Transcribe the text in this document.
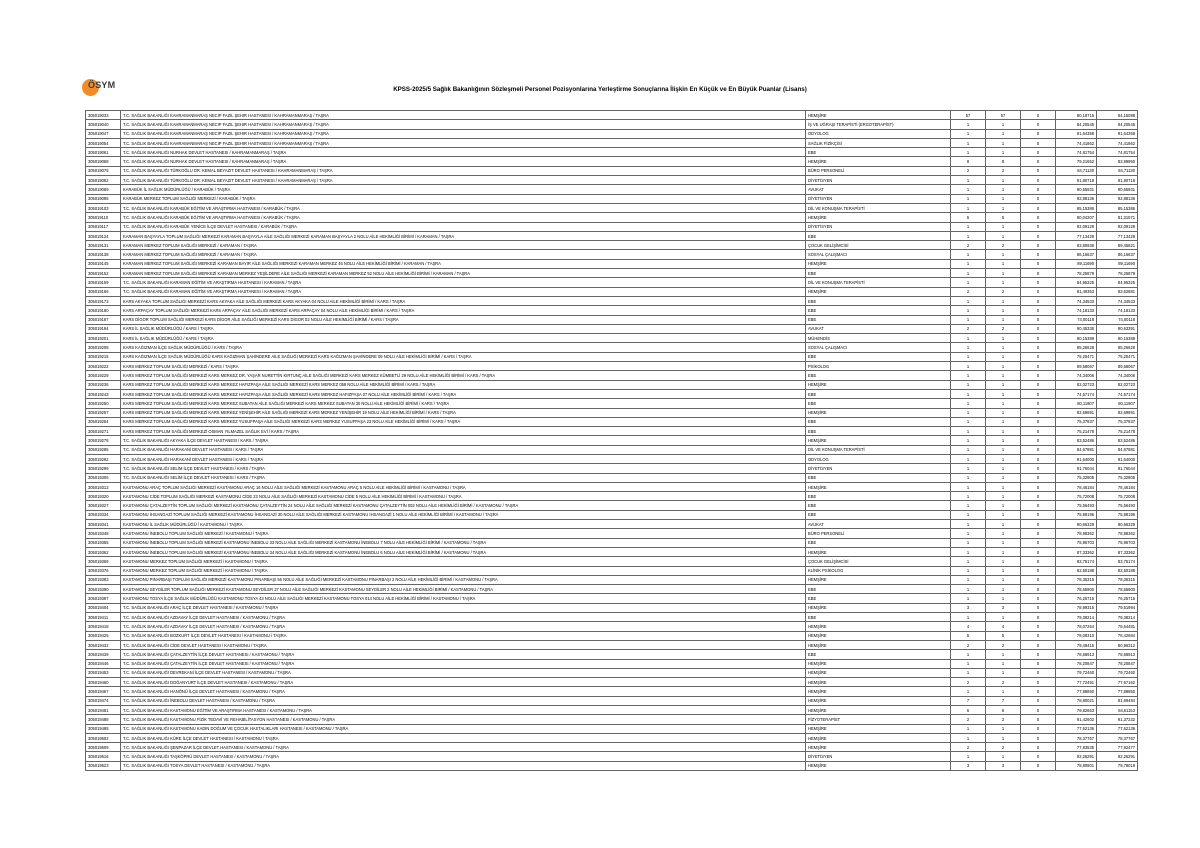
ÖSYM	KPSS-2025/5 Sağlık Bakanlığının Sözleşmeli Personel Pozisyonlarına Yerleştirme Sonuçlarına İlişkin En Küçük ve En Büyük Puanlar (Lisans)
305019033	T.C. SAĞLIK BAKANLIĞI KAHRAMANMARAŞ NECIP FAZIL ŞEHIR HASTANESI / KAHRAMANMARAŞ / TAŞRA	HEMŞİRE	57	57	0	80,18715	84,15088
305019040	T.C. SAĞLIK BAKANLIĞI KAHRAMANMARAŞ NECIP FAZIL ŞEHIR HASTANESI / KAHRAMANMARAŞ / TAŞRA	İŞ VE UĞRAŞI TERAPİSTİ (ERGOTERAPİST)	1	1	0	84,20545	84,20545
305019047	T.C. SAĞLIK BAKANLIĞI KAHRAMANMARAŞ NECIP FAZIL ŞEHIR HASTANESI / KAHRAMANMARAŞ / TAŞRA	ODYOLOG	1	1	0	91,64358	91,64358
305019054	T.C. SAĞLIK BAKANLIĞI KAHRAMANMARAŞ NECIP FAZIL ŞEHIR HASTANESI / KAHRAMANMARAŞ / TAŞRA	SAĞLIK FİZİKÇİSİ	1	1	0	74,41862	74,41862
305019061	T.C. SAĞLIK BAKANLIĞI NURHAK DEVLET HASTANESI / KAHRAMANMARAŞ / TAŞRA	EBE	1	1	0	74,81754	74,81754
305019068	T.C. SAĞLIK BAKANLIĞI NURHAK DEVLET HASTANESI / KAHRAMANMARAŞ / TAŞRA	HEMŞİRE	8	8	0	79,21652	83,99950
305019075	T.C. SAĞLIK BAKANLIĞI TÜRKOĞLU DR. KEMAL BEYAZIT DEVLET HASTANESI / KAHRAMANMARAŞ / TAŞRA	BÜRO PERSONELİ	2	2	0	84,71130	84,71130
305019082	T.C. SAĞLIK BAKANLIĞI TÜRKOĞLU DR. KEMAL BEYAZIT DEVLET HASTANESI / KAHRAMANMARAŞ / TAŞRA	DİYETİSYEN	1	1	0	91,80718	91,80718
305019089	KARABÜK İL SAĞLIK MÜDÜRLÜĞÜ / KARABÜK / TAŞRA	AVUKAT	1	1	0	90,65931	90,65931
305019096	KARABÜK MERKEZ TOPLUM SAĞLIĞI MERKEZİ / KARABÜK / TAŞRA	DİYETİSYEN	1	1	0	92,88136	92,88136
305019103	T.C. SAĞLIK BAKANLIĞI KARABÜK EĞİTİM VE ARAŞTIRMA HASTANESI / KARABÜK / TAŞRA	DİL VE KONUŞMA TERAPİSTİ	1	1	0	85,15386	85,15386
305019110	T.C. SAĞLIK BAKANLIĞI KARABÜK EĞİTİM VE ARAŞTIRMA HASTANESI / KARABÜK / TAŞRA	HEMŞİRE	5	5	0	80,04207	81,31571
305019117	T.C. SAĞLIK BAKANLIĞI KARABÜK YENİCE İLÇE DEVLET HASTANESI / KARABÜK / TAŞRA	DİYETİSYEN	1	1	0	92,09128	92,09128
305019124	KARAMAN BAŞYAYLA TOPLUM SAĞLIĞI MERKEZİ KARAMAN BAŞYAYLA AİLE SAĞLIĞI MERKEZİ KARAMAN BAŞYAYLA 2 NOLU AİLE HEKİMLİĞİ BİRİMİ / KARAMAN / TAŞRA	EBE	1	1	0	77,13429	77,13429
305019131	KARAMAN MERKEZ TOPLUM SAĞLIĞI MERKEZİ / KARAMAN / TAŞRA	ÇOCUK GELİŞİMCİSİ	2	2	0	83,80936	89,45821
305019138	KARAMAN MERKEZ TOPLUM SAĞLIĞI MERKEZİ / KARAMAN / TAŞRA	SOSYAL ÇALIŞMACI	1	1	0	86,16637	86,16637
305019145	KARAMAN MERKEZ TOPLUM SAĞLIĞI MERKEZİ KARAMAN BAYIR AİLE SAĞLIĞI MERKEZİ KARAMAN MERKEZ 46 NOLU AİLE HEKİMLİĞİ BİRİMİ / KARAMAN / TAŞRA	HEMŞİRE	1	1	0	89,11690	89,11690
305019152	KARAMAN MERKEZ TOPLUM SAĞLIĞI MERKEZİ KARAMAN MERKEZ YEŞİLDERE AİLE SAĞLIĞI MERKEZİ KARAMAN MERKEZ 52 NOLU AİLE HEKİMLİĞİ BİRİMİ / KARAMAN / TAŞRA	EBE	1	1	0	78,25879	78,25879
305019159	T.C. SAĞLIK BAKANLIĞI KARAMAN EĞİTİM VE ARAŞTIRMA HASTANESI / KARAMAN / TAŞRA	DİL VE KONUŞMA TERAPİSTİ	1	1	0	84,95325	84,95325
305019166	T.C. SAĞLIK BAKANLIĞI KARAMAN EĞİTİM VE ARAŞTIRMA HASTANESI / KARAMAN / TAŞRA	HEMŞİRE	2	2	0	81,49353	83,62881
305019173	KARS AKYAKA TOPLUM SAĞLIĞI MERKEZİ KARS AKYAKA AİLE SAĞLIĞI MERKEZİ KARS AKYAKA 04 NOLU AİLE HEKİMLİĞİ BİRİMİ / KARS / TAŞRA	EBE	1	1	0	74,34533	74,34533
305019180	KARS ARPAÇAY TOPLUM SAĞLIĞI MERKEZİ KARS ARPAÇAY AİLE SAĞLIĞI MERKEZİ KARS ARPAÇAY 04 NOLU AİLE HEKİMLİĞİ BİRİMİ / KARS / TAŞRA	EBE	1	1	0	74,18133	74,18133
305019187	KARS DİGOR TOPLUM SAĞLIĞI MERKEZİ KARS DİGOR AİLE SAĞLIĞI MERKEZİ KARS DİGOR 02 NOLU AİLE HEKİMLİĞİ BİRİMİ / KARS / TAŞRA	EBE	1	1	0	74,00118	74,00118
305019194	KARS İL SAĞLIK MÜDÜRLÜĞÜ / KARS / TAŞRA	AVUKAT	2	2	0	90,45336	90,63391
305019201	KARS İL SAĞLIK MÜDÜRLÜĞÜ / KARS / TAŞRA	MÜHENDİS	1	1	0	90,15389	90,15389
305019208	KARS KAĞIZMAN İLÇE SAĞLIK MÜDÜRLÜĞÜ / KARS / TAŞRA	SOSYAL ÇALIŞMACI	1	1	0	85,26628	85,26628
305019215	KARS KAĞIZMAN İLÇE SAĞLIK MÜDÜRLÜĞÜ KARS KAĞIZMAN ŞAHİNDERE AİLE SAĞLIĞI MERKEZİ KARS KAĞIZMAN ŞAHİNDERE 09 NOLU AİLE HEKİMLİĞİ BİRİMİ / KARS / TAŞRA	EBE	1	1	0	75,20471	75,20471
305019222	KARS MERKEZ TOPLUM SAĞLIĞI MERKEZİ / KARS / TAŞRA	PSİKOLOG	1	1	0	89,58067	89,58067
305019229	KARS MERKEZ TOPLUM SAĞLIĞI MERKEZİ KARS MERKEZ DR. YAŞAR NURETTİN KIRTUNÇ AİLE SAĞLIĞI MERKEZİ KARS MERKEZ KÜMBETLİ 29 NOLU AİLE HEKİMLİĞİ BİRİMİ / KARS / TAŞRA	EBE	1	1	0	74,34006	74,34006
305019236	KARS MERKEZ TOPLUM SAĞLIĞI MERKEZİ KARS MERKEZ HAFIZPAŞA AİLE SAĞLIĞI MERKEZİ KARS MERKEZ 058 NOLU AİLE HEKİMLİĞİ BİRİMİ / KARS / TAŞRA	HEMŞİRE	1	1	0	82,02723	82,02723
305019243	KARS MERKEZ TOPLUM SAĞLIĞI MERKEZİ KARS MERKEZ HAFIZPAŞA AİLE SAĞLIĞI MERKEZİ KARS MERKEZ HAFIZPAŞA 07 NOLU AİLE HEKİMLİĞİ BİRİMİ / KARS / TAŞRA	EBE	1	1	0	74,57174	74,57174
305019250	KARS MERKEZ TOPLUM SAĞLIĞI MERKEZİ KARS MERKEZ SUBATAN AİLE SAĞLIĞI MERKEZİ KARS MERKEZ SUBATAN 30 NOLU AİLE HEKİMLİĞİ BİRİMİ / KARS / TAŞRA	EBE	1	1	0	80,11907	80,11907
305019257	KARS MERKEZ TOPLUM SAĞLIĞI MERKEZİ KARS MERKEZ YENİŞEHİR AİLE SAĞLIĞI MERKEZİ KARS MERKEZ YENİŞEHİR 19 NOLU AİLE HEKİMLİĞİ BİRİMİ / KARS / TAŞRA	HEMŞİRE	1	1	0	82,69891	82,69891
305019264	KARS MERKEZ TOPLUM SAĞLIĞI MERKEZİ KARS MERKEZ YUSUFPAŞA AİLE SAĞLIĞI MERKEZİ KARS MERKEZ YUSUFPAŞA 23 NOLU AİLE HEKİMLİĞİ BİRİMİ / KARS / TAŞRA	EBE	1	1	0	75,37837	75,37837
305019271	KARS MERKEZ TOPLUM SAĞLIĞI MERKEZİ OSMAN YILMAZEL SAĞLIK EVİ / KARS / TAŞRA	EBE	1	1	0	75,21478	75,21478
305019278	T.C. SAĞLIK BAKANLIĞI AKYAKA İLÇE DEVLET HASTANESI / KARS / TAŞRA	HEMŞİRE	1	1	0	83,52486	83,52486
305019285	T.C. SAĞLIK BAKANLIĞI HARAKANİ DEVLET HASTANESI / KARS / TAŞRA	DİL VE KONUŞMA TERAPİSTİ	1	1	0	84,67881	84,67881
305019292	T.C. SAĞLIK BAKANLIĞI HARAKANİ DEVLET HASTANESI / KARS / TAŞRA	ODYOLOG	1	1	0	91,64000	91,64000
305019299	T.C. SAĞLIK BAKANLIĞI SELİM İLÇE DEVLET HASTANESI / KARS / TAŞRA	DİYETİSYEN	1	1	0	91,76044	91,76044
305019306	T.C. SAĞLIK BAKANLIĞI SELİM İLÇE DEVLET HASTANESI / KARS / TAŞRA	EBE	1	1	0	75,32805	75,32805
305019313	KASTAMONU ARAÇ TOPLUM SAĞLIĞI MERKEZİ KASTAMONU ARAÇ 16 NOLU AİLE SAĞLIĞI MERKEZİ KASTAMONU ARAÇ 5 NOLU AİLE HEKİMLİĞİ BİRİMİ / KASTAMONU / TAŞRA	HEMŞİRE	1	1	0	78,46184	78,46184
305019320	KASTAMONU CİDE TOPLUM SAĞLIĞI MERKEZİ KASTAMONU CİDE 23 NOLU AİLE SAĞLIĞI MERKEZİ KASTAMONU CİDE 5 NOLU AİLE HEKİMLİĞİ BİRİMİ / KASTAMONU / TAŞRA	EBE	1	1	0	75,72008	75,72008
305019327	KASTAMONU ÇATALZEYTİN TOPLUM SAĞLIĞI MERKEZİ KASTAMONU ÇATALZEYTİN 24 NOLU AİLE SAĞLIĞI MERKEZİ KASTAMONU ÇATALZEYTİN 002 NOLU AİLE HEKİMLİĞİ BİRİMİ / KASTAMONU / TAŞRA	EBE	1	1	0	75,56493	75,56493
305019334	KASTAMONU İHSANGAZİ TOPLUM SAĞLIĞI MERKEZİ KASTAMONU İHSANGAZİ 30 NOLU AİLE SAĞLIĞI MERKEZİ KASTAMONU İHSANGAZİ 1 NOLU AİLE HEKİMLİĞİ BİRİMİ / KASTAMONU / TAŞRA	EBE	1	1	0	75,98196	75,98196
305019341	KASTAMONU İL SAĞLIK MÜDÜRLÜĞÜ / KASTAMONU / TAŞRA	AVUKAT	1	1	0	90,66329	90,66329
305019348	KASTAMONU İNEBOLU TOPLUM SAĞLIĞI MERKEZİ / KASTAMONU / TAŞRA	BÜRO PERSONELİ	1	1	0	78,98362	78,98362
305019355	KASTAMONU İNEBOLU TOPLUM SAĞLIĞI MERKEZİ KASTAMONU İNEBOLU 33 NOLU AİLE SAĞLIĞI MERKEZİ KASTAMONU İNEBOLU 7 NOLU AİLE HEKİMLİĞİ BİRİMİ / KASTAMONU / TAŞRA	EBE	1	1	0	75,96703	75,96703
305019362	KASTAMONU İNEBOLU TOPLUM SAĞLIĞI MERKEZİ KASTAMONU İNEBOLU 34 NOLU AİLE SAĞLIĞI MERKEZİ KASTAMONU İNEBOLU 6 NOLU AİLE HEKİMLİĞİ BİRİMİ / KASTAMONU / TAŞRA	HEMŞİRE	1	1	0	87,33362	87,33362
305019369	KASTAMONU MERKEZ TOPLUM SAĞLIĞI MERKEZİ / KASTAMONU / TAŞRA	ÇOCUK GELİŞİMCİSİ	1	1	0	83,75174	83,75174
305019376	KASTAMONU MERKEZ TOPLUM SAĞLIĞI MERKEZİ / KASTAMONU / TAŞRA	KLİNİK PSİKOLOG	1	1	0	82,50188	82,50188
305019383	KASTAMONU PINARBAŞI TOPLUM SAĞLIĞI MERKEZİ KASTAMONU PINARBAŞI 56 NOLU AİLE SAĞLIĞI MERKEZİ KASTAMONU PINARBAŞI 2 NOLU AİLE HEKİMLİĞİ BİRİMİ / KASTAMONU / TAŞRA	HEMŞİRE	1	1	0	78,36315	78,36315
305019390	KASTAMONU SEYDİLER TOPLUM SAĞLIĞI MERKEZİ KASTAMONU SEYDİLER 37 NOLU AİLE SAĞLIĞI MERKEZİ KASTAMONU SEYDİLER 2 NOLU AİLE HEKİMLİĞİ BİRİMİ / KASTAMONU / TAŞRA	EBE	1	1	0	78,65900	78,65900
305019397	KASTAMONU TOSYA İLÇE SAĞLIK MÜDÜRLÜĞÜ KASTAMONU TOSYA 43 NOLU AİLE SAĞLIĞI MERKEZİ KASTAMONU TOSYA 014 NOLU AİLE HEKİMLİĞİ BİRİMİ / KASTAMONU / TAŞRA	EBE	1	1	0	76,25715	76,25715
305019404	T.C. SAĞLIK BAKANLIĞI ARAÇ İLÇE DEVLET HASTANESI / KASTAMONU / TAŞRA	HEMŞİRE	3	3	0	78,99315	79,51994
305019411	T.C. SAĞLIK BAKANLIĞI AZDAVAY İLÇE DEVLET HASTANESI / KASTAMONU / TAŞRA	EBE	1	1	0	79,38214	79,38214
305019418	T.C. SAĞLIK BAKANLIĞI AZDAVAY İLÇE DEVLET HASTANESI / KASTAMONU / TAŞRA	HEMŞİRE	4	4	0	78,07264	78,64481
305019425	T.C. SAĞLIK BAKANLIĞI BOZKURT İLÇE DEVLET HASTANESI / KASTAMONU / TAŞRA	HEMŞİRE	5	5	0	78,08310	78,42684
305019432	T.C. SAĞLIK BAKANLIĞI CİDE DEVLET HASTANESI / KASTAMONU / TAŞRA	HEMŞİRE	2	2	0	79,49415	80,96312
305019439	T.C. SAĞLIK BAKANLIĞI ÇATALZEYTİN İLÇE DEVLET HASTANESI / KASTAMONU / TAŞRA	EBE	1	1	0	78,68913	78,68913
305019446	T.C. SAĞLIK BAKANLIĞI ÇATALZEYTİN İLÇE DEVLET HASTANESI / KASTAMONU / TAŞRA	HEMŞİRE	1	1	0	78,20847	78,20847
305019453	T.C. SAĞLIK BAKANLIĞI DEVREKANİ İLÇE DEVLET HASTANESI / KASTAMONU / TAŞRA	HEMŞİRE	1	1	0	79,72460	79,72460
305019460	T.C. SAĞLIK BAKANLIĞI DOĞANYURT İLÇE DEVLET HASTANESI / KASTAMONU / TAŞRA	HEMŞİRE	2	2	0	77,72491	77,67162
305019467	T.C. SAĞLIK BAKANLIĞI HANÖNÜ İLÇE DEVLET HASTANESI / KASTAMONU / TAŞRA	HEMŞİRE	1	1	0	77,88850	77,88850
305019474	T.C. SAĞLIK BAKANLIĞI İNEBOLU DEVLET HASTANESI / KASTAMONU / TAŞRA	HEMŞİRE	7	7	0	78,80021	81,69484
305019481	T.C. SAĞLIK BAKANLIĞI KASTAMONU EĞİTİM VE ARAŞTIRMA HASTANESI / KASTAMONU / TAŞRA	HEMŞİRE	6	6	0	79,82653	84,61153
305019488	T.C. SAĞLIK BAKANLIĞI KASTAMONU FİZİK TEDAVİ VE REHABİLİTASYON HASTANESI / KASTAMONU / TAŞRA	FİZYOTERAPİST	2	2	0	91,42602	91,37232
305019495	T.C. SAĞLIK BAKANLIĞI KASTAMONU KADIN DOĞUM VE ÇOCUK HASTALIKLARI HASTANESI / KASTAMONU / TAŞRA	HEMŞİRE	1	1	0	77,62136	77,62136
305019502	T.C. SAĞLIK BAKANLIĞI KÜRE İLÇE DEVLET HASTANESI / KASTAMONU / TAŞRA	HEMŞİRE	1	1	0	78,37767	78,37767
305019509	T.C. SAĞLIK BAKANLIĞI ŞENPAZAR İLÇE DEVLET HASTANESI / KASTAMONU / TAŞRA	HEMŞİRE	2	2	0	77,83535	77,92477
305019516	T.C. SAĞLIK BAKANLIĞI TAŞKÖPRÜ DEVLET HASTANESI / KASTAMONU / TAŞRA	DİYETİSYEN	1	1	0	92,26291	92,26291
305019523	T.C. SAĞLIK BAKANLIĞI TOSYA DEVLET HASTANESI / KASTAMONU / TAŞRA	HEMŞİRE	3	3	0	78,80801	79,78019
